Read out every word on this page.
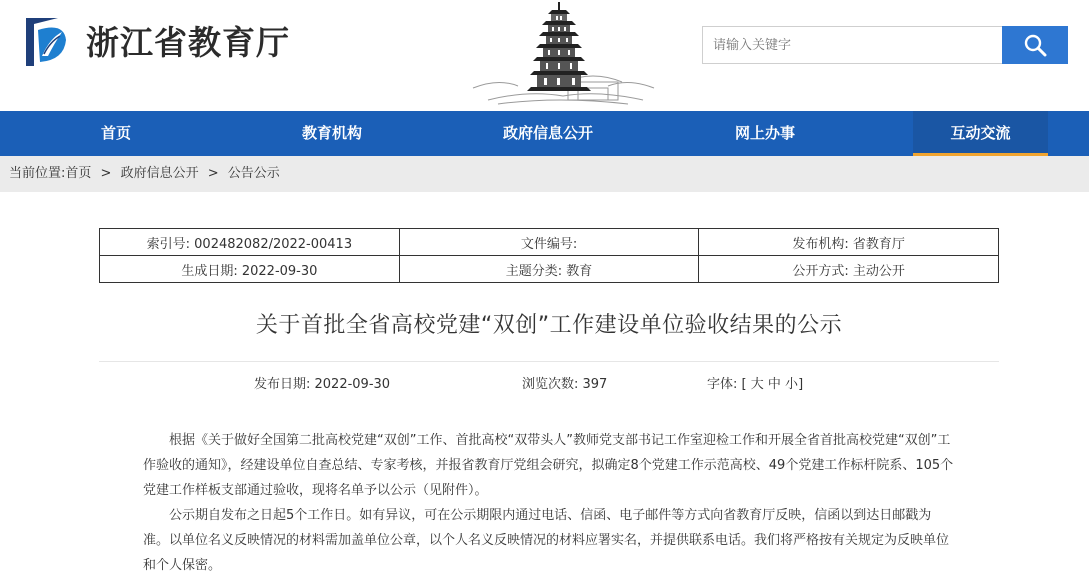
浙江省教育厅
请输入关键字
首页	教育机构	政府信息公开	网上办事	互动交流
当前位置:首页 > 政府信息公开 > 公告公示
索引号: 002482082/2022-00413	文件编号:	发布机构: 省教育厅
生成日期: 2022-09-30	主题分类: 教育	公开方式: 主动公开
关于首批全省高校党建“双创”工作建设单位验收结果的公示
发布日期: 2022-09-30	浏览次数: 397	字体: [ 大 中 小]

根据《关于做好全国第二批高校党建“双创”工作、首批高校“双带头人”教师党支部书记工作室迎检工作和开展全省首批高校党建“双创”工作验收的通知》，经建设单位自查总结、专家考核，并报省教育厅党组会研究，拟确定8个党建工作示范高校、49个党建工作标杆院系、105个党建工作样板支部通过验收，现将名单予以公示（见附件）。

公示期自发布之日起5个工作日。如有异议，可在公示期限内通过电话、信函、电子邮件等方式向省教育厅反映，信函以到达日邮戳为准。以单位名义反映情况的材料需加盖单位公章，以个人名义反映情况的材料应署实名，并提供联系电话。我们将严格按有关规定为反映单位和个人保密。
